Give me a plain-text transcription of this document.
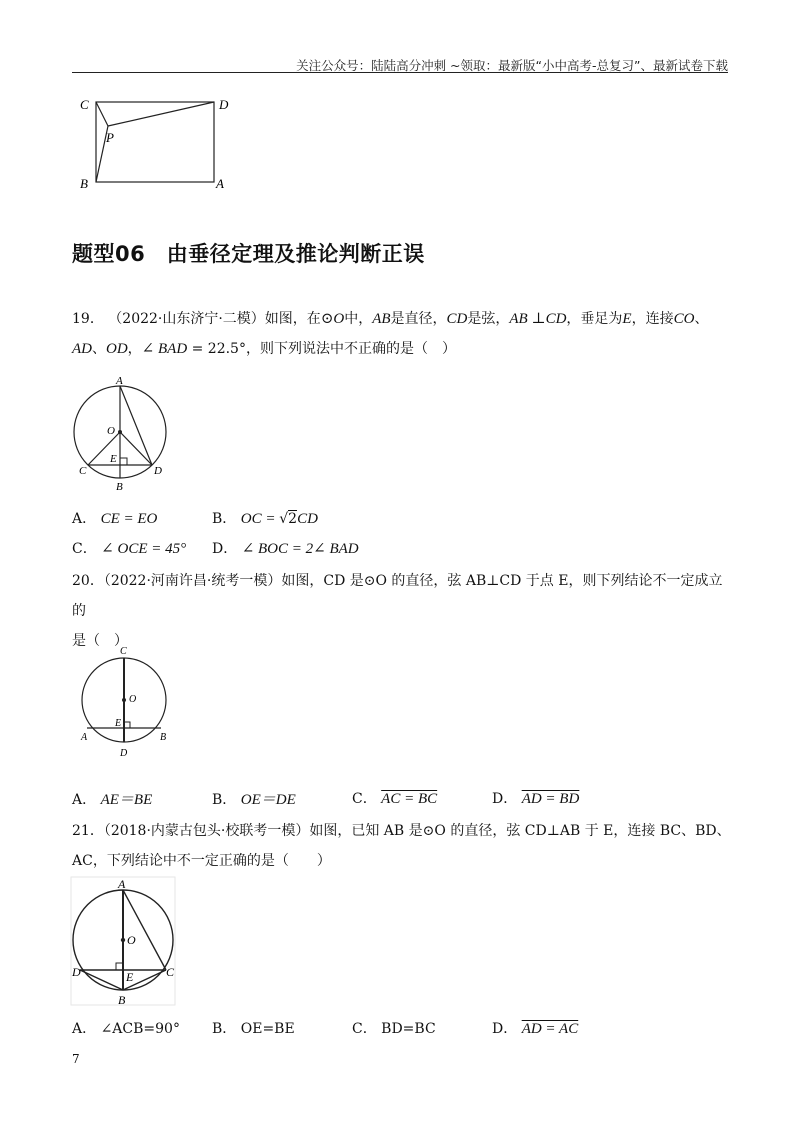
关注公众号：陆陆高分冲刺 ~领取：最新版“小中高考-总复习”、最新试卷下载
C	D
P
B	A
题型06　由垂径定理及推论判断正误
19． （2022·山东济宁·二模）如图，在⊙O中，AB是直径，CD是弦，AB ⊥CD，垂足为E，连接CO、
AD、OD，∠ BAD = 22.5°，则下列说法中不正确的是（　）
A
O
E
C	D
B
A． CE = EO	B． OC = √2CD
C． ∠ OCE = 45° D． ∠ BOC = 2∠ BAD
20．（2022·河南许昌·统考一模）如图，CD 是⊙O 的直径，弦 AB⊥CD 于点 E，则下列结论不一定成立的
是（　）
C
O
E
A	B
D
A． AE＝BE	B． OE＝DE	C． AC = BC	D． AD = BD
21．（2018·内蒙古包头·校联考一模）如图，已知 AB 是⊙O 的直径，弦 CD⊥AB 于 E，连接 BC、BD、
AC，下列结论中不一定正确的是（　　）
A
O
D	E	C
B
A． ∠ACB=90° B． OE=BE	C． BD=BC	D． AD = AC
7
